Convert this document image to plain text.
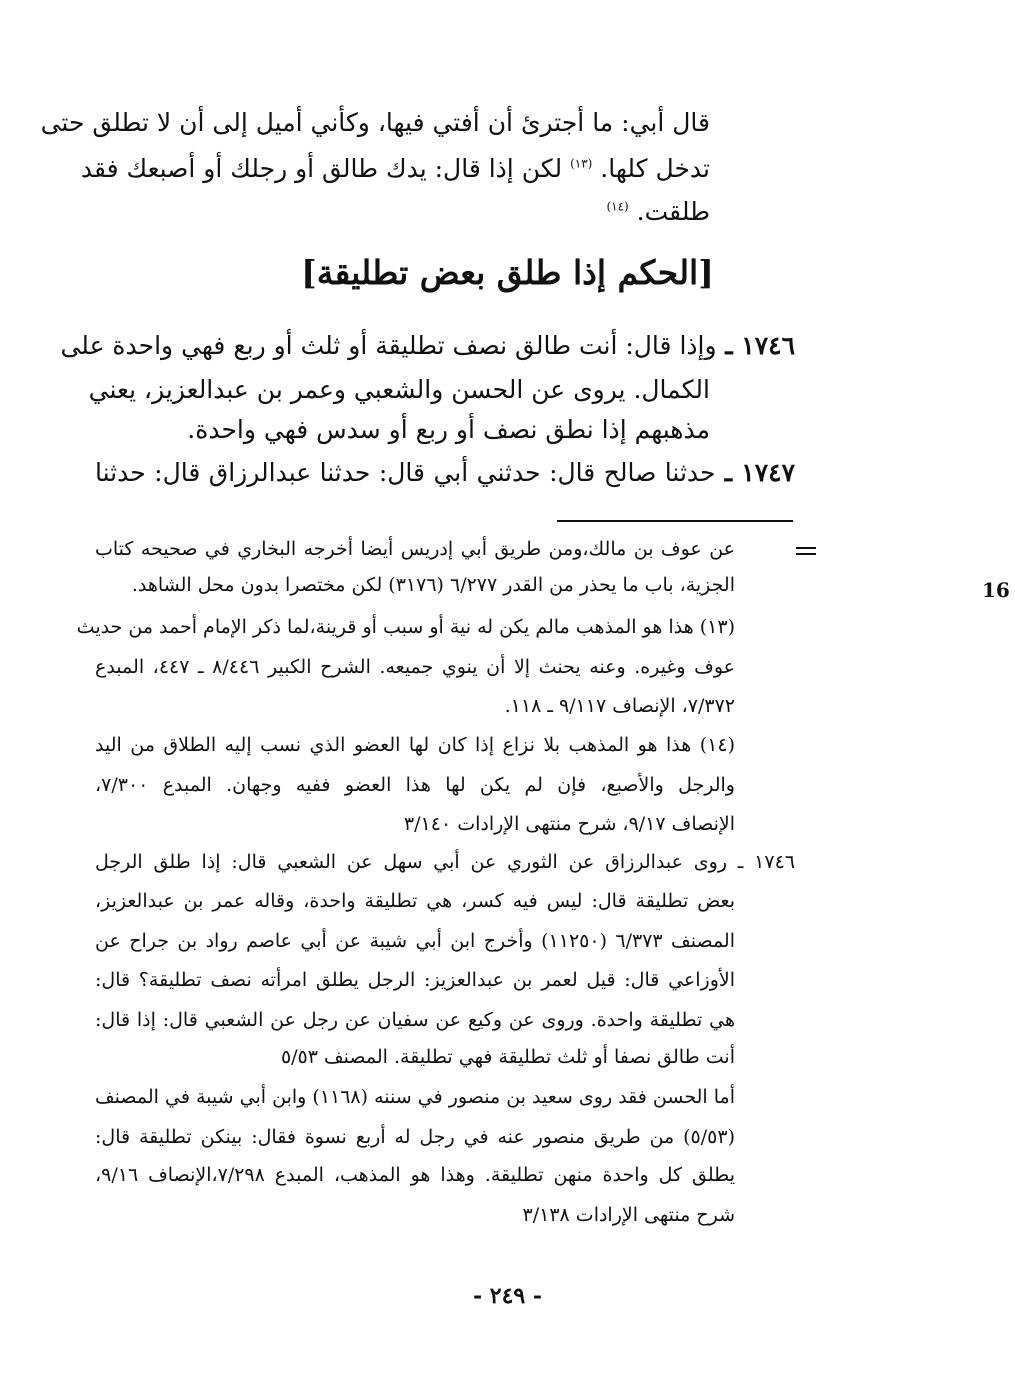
قال أبي: ما أجترئ أن أفتي فيها، وكأني أميل إلى أن لا تطلق حتى
تدخل كلها. $^{(١٣)}$ لكن إذا قال: يدك طالق أو رجلك أو أصبعك فقد
طلقت. $^{(١٤)}$
[الحكم إذا طلق بعض تطليقة]
١٧٤٦ ـ وإذا قال: أنت طالق نصف تطليقة أو ثلث أو ربع فهي واحدة على
الكمال. يروى عن الحسن والشعبي وعمر بن عبدالعزيز، يعني
مذهبهم إذا نطق نصف أو ربع أو سدس فهي واحدة.
١٧٤٧ ـ حدثنا صالح قال: حدثني أبي قال: حدثنا عبدالرزاق قال: حدثنا
16
عن عوف بن مالك،ومن طريق أبي إدريس أيضا أخرجه البخاري في صحيحه كتاب
الجزية، باب ما يحذر من القدر ٦/٢٧٧ (٣١٧٦) لكن مختصرا بدون محل الشاهد.
(١٣) هذا هو المذهب مالم يكن له نية أو سبب أو قرينة،لما ذكر الإمام أحمد من حديث
عوف وغيره. وعنه يحنث إلا أن ينوي جميعه. الشرح الكبير ٨/٤٤٦ ـ ٤٤٧، المبدع
٧/٣٧٢، الإنصاف ٩/١١٧ ـ ١١٨.
(١٤) هذا هو المذهب بلا نزاع إذا كان لها العضو الذي نسب إليه الطلاق من اليد
والرجل والأصبع، فإن لم يكن لها هذا العضو ففيه وجهان. المبدع ٧/٣٠٠،
الإنصاف ٩/١٧، شرح منتهى الإرادات ٣/١٤٠
١٧٤٦ ـ روى عبدالرزاق عن الثوري عن أبي سهل عن الشعبي قال: إذا طلق الرجل
بعض تطليقة قال: ليس فيه كسر، هي تطليقة واحدة، وقاله عمر بن عبدالعزيز،
المصنف ٦/٣٧٣ (١١٢٥٠) وأخرج ابن أبي شيبة عن أبي عاصم رواد بن جراح عن
الأوزاعي قال: قيل لعمر بن عبدالعزيز: الرجل يطلق امرأته نصف تطليقة؟ قال:
هي تطليقة واحدة. وروى عن وكيع عن سفيان عن رجل عن الشعبي قال: إذا قال:
أنت طالق نصفا أو ثلث تطليقة فهي تطليقة. المصنف ٥/٥٣
أما الحسن فقد روى سعيد بن منصور في سننه (١١٦٨) وابن أبي شيبة في المصنف
(٥/٥٣) من طريق منصور عنه في رجل له أربع نسوة فقال: بينكن تطليقة قال:
يطلق كل واحدة منهن تطليقة. وهذا هو المذهب، المبدع ٧/٢٩٨،الإنصاف ٩/١٦،
شرح منتهى الإرادات ٣/١٣٨
- ٢٤٩ -
